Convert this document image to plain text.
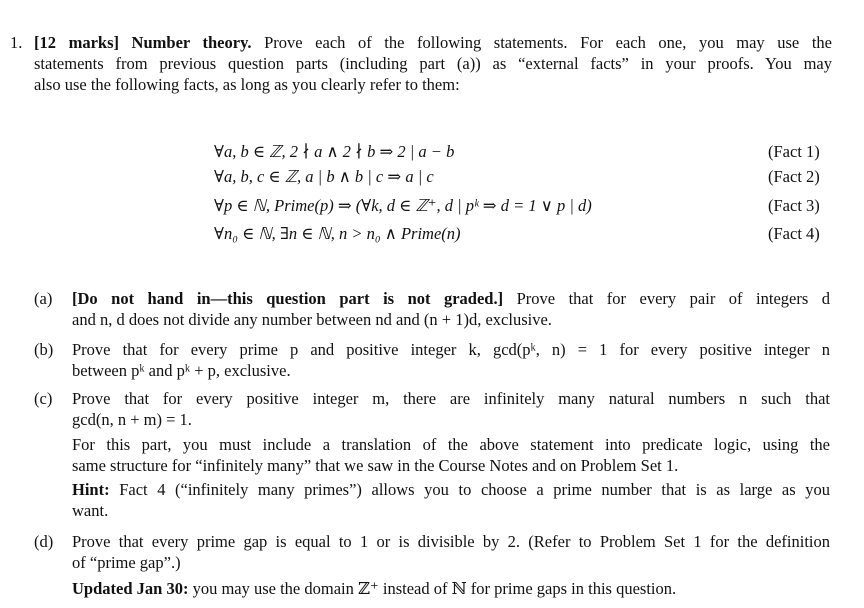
1. [12 marks] Number theory. Prove each of the following statements. For each one, you may use the
statements from previous question parts (including part (a)) as “external facts” in your proofs. You may
also use the following facts, as long as you clearly refer to them:
∀a, b ∈ ℤ, 2 ∤ a ∧ 2 ∤ b ⇒ 2 | a − b	(Fact 1)
∀a, b, c ∈ ℤ, a | b ∧ b | c ⇒ a | c	(Fact 2)
∀p ∈ ℕ, Prime(p) ⇒ (∀k, d ∈ ℤ⁺, d | pᵏ ⇒ d = 1 ∨ p | d)	(Fact 3)
∀n₀ ∈ ℕ, ∃n ∈ ℕ, n > n₀ ∧ Prime(n)	(Fact 4)
(a) [Do not hand in—this question part is not graded.] Prove that for every pair of integers d
and n, d does not divide any number between nd and (n + 1)d, exclusive.
(b) Prove that for every prime p and positive integer k, gcd(pᵏ, n) = 1 for every positive integer n
between pᵏ and pᵏ + p, exclusive.
(c) Prove that for every positive integer m, there are infinitely many natural numbers n such that
gcd(n, n + m) = 1.
For this part, you must include a translation of the above statement into predicate logic, using the
same structure for “infinitely many” that we saw in the Course Notes and on Problem Set 1.
Hint: Fact 4 (“infinitely many primes”) allows you to choose a prime number that is as large as you
want.
(d) Prove that every prime gap is equal to 1 or is divisible by 2. (Refer to Problem Set 1 for the definition
of “prime gap”.)
Updated Jan 30: you may use the domain ℤ⁺ instead of ℕ for prime gaps in this question.
